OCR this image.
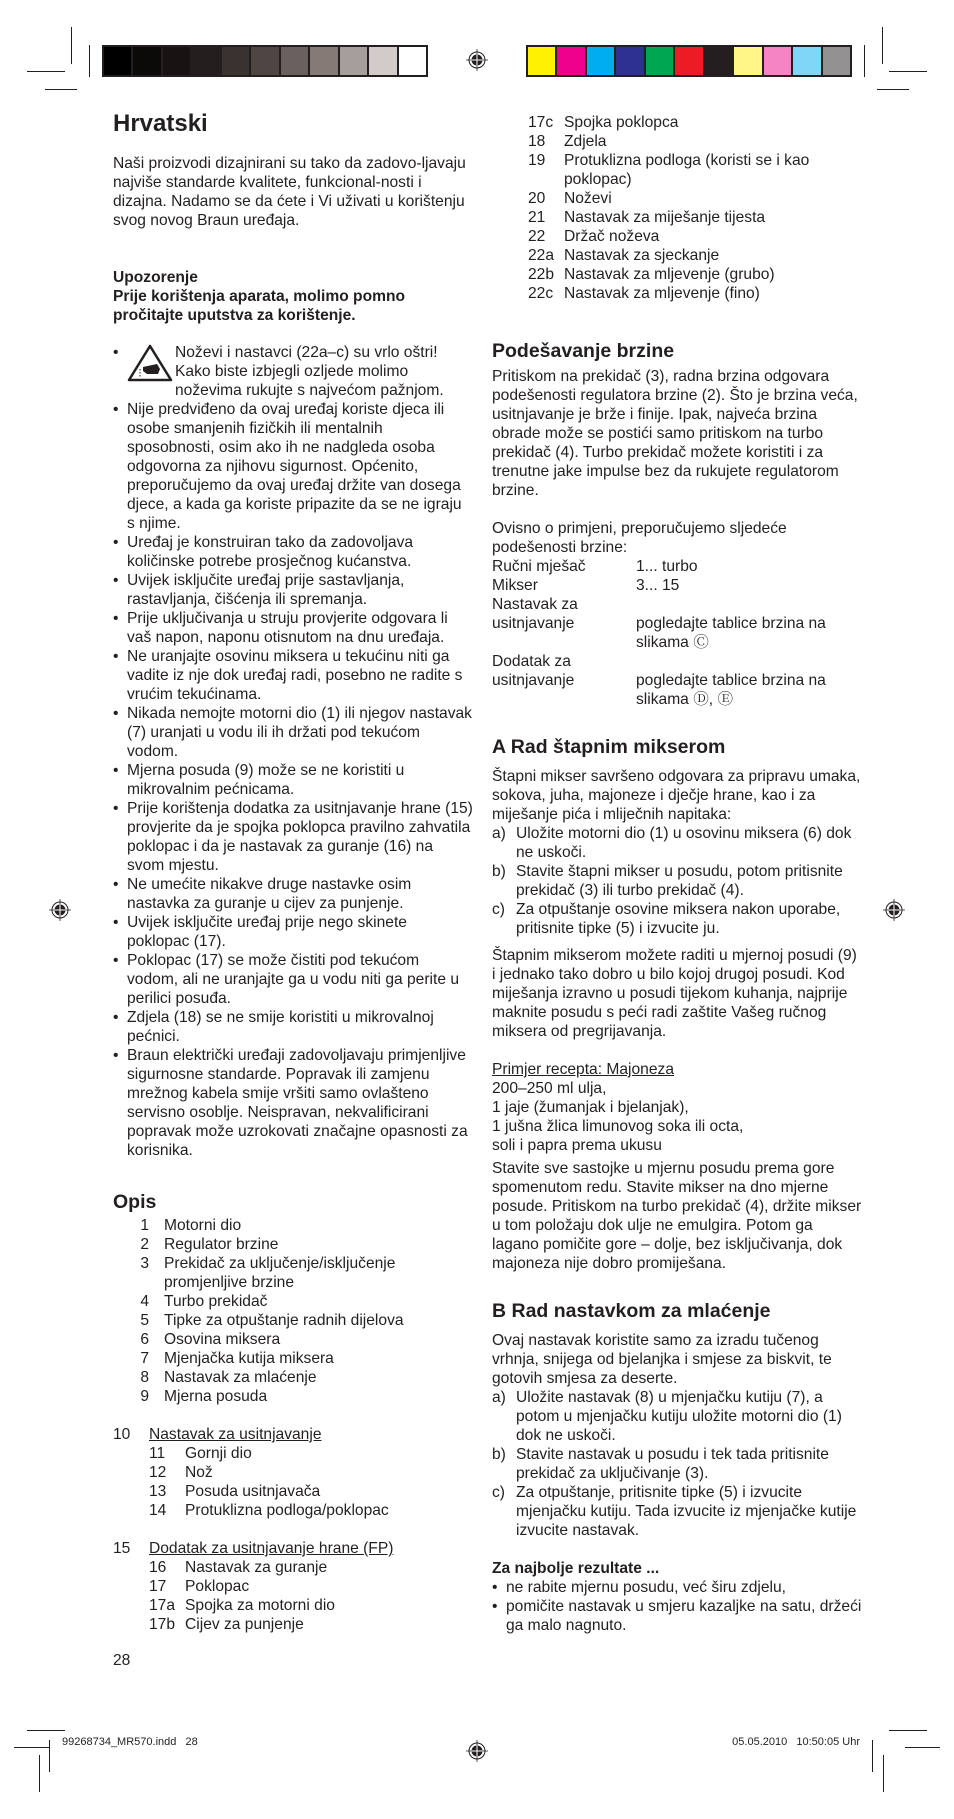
Hrvatski

Naši proizvodi dizajnirani su tako da zadovo-ljavaju najviše standarde kvalitete, funkcional-nosti i dizajna. Nadamo se da ćete i Vi uživati u korištenju svog novog Braun uređaja.

Upozorenje

Prije korištenja aparata, molimo pomno pročitajte uputstva za korištenje.

•	Noževi i nastavci (22a–c) su vrlo oštri! Kako biste izbjegli ozljede molimo noževima rukujte s najvećom pažnjom.
• Nije predviđeno da ovaj uređaj koriste djeca ili osobe smanjenih fizičkih ili mentalnih sposobnosti, osim ako ih ne nadgleda osoba odgovorna za njihovu sigurnost. Općenito, preporučujemo da ovaj uređaj držite van dosega djece, a kada ga koriste pripazite da se ne igraju s njime.
• Uređaj je konstruiran tako da zadovoljava količinske potrebe prosječnog kućanstva.
• Uvijek isključite uređaj prije sastavljanja, rastavljanja, čišćenja ili spremanja.
• Prije uključivanja u struju provjerite odgovara li vaš napon, naponu otisnutom na dnu uređaja.
• Ne uranjajte osovinu miksera u tekućinu niti ga vadite iz nje dok uređaj radi, posebno ne radite s vrućim tekućinama.
• Nikada nemojte motorni dio (1) ili njegov nastavak (7) uranjati u vodu ili ih držati pod tekućom vodom.
• Mjerna posuda (9) može se ne koristiti u mikrovalnim pećnicama.
• Prije korištenja dodatka za usitnjavanje hrane (15) provjerite da je spojka poklopca pravilno zahvatila poklopac i da je nastavak za guranje (16) na svom mjestu.
• Ne umećite nikakve druge nastavke osim nastavka za guranje u cijev za punjenje.
• Uvijek isključite uređaj prije nego skinete poklopac (17).
• Poklopac (17) se može čistiti pod tekućom vodom, ali ne uranjajte ga u vodu niti ga perite u perilici posuđa.
• Zdjela (18) se ne smije koristiti u mikrovalnoj pećnici.
• Braun električki uređaji zadovoljavaju primjenljive sigurnosne standarde. Popravak ili zamjenu mrežnog kabela smije vršiti samo ovlašteno servisno osoblje. Neispravan, nekvalificirani popravak može uzrokovati značajne opasnosti za korisnika.
Opis
1 Motorni dio
2 Regulator brzine
3 Prekidač za uključenje/isključenje promjenljive brzine
4 Turbo prekidač
5 Tipke za otpuštanje radnih dijelova
6 Osovina miksera
7 Mjenjačka kutija miksera
8 Nastavak za mlaćenje
9 Mjerna posuda
10	Nastavak za usitnjavanje
11	Gornji dio
12	Nož
13	Posuda usitnjavača
14	Protuklizna podloga/poklopac
15	Dodatak za usitnjavanje hrane (FP)
16	Nastavak za guranje
17	Poklopac
17a Spojka za motorni dio
17b Cijev za punjenje

28

17c Spojka poklopca
18	Zdjela
19	Protuklizna podloga (koristi se i kao poklopac)
20	Noževi
21	Nastavak za miješanje tijesta
22	Držač noževa
22a Nastavak za sjeckanje
22b Nastavak za mljevenje (grubo)
22c Nastavak za mljevenje (fino)
Podešavanje brzine

Pritiskom na prekidač (3), radna brzina odgovara podešenosti regulatora brzine (2). Što je brzina veća, usitnjavanje je brže i finije. Ipak, najveća brzina obrade može se postići samo pritiskom na turbo prekidač (4). Turbo prekidač možete koristiti i za trenutne jake impulse bez da rukujete regulatorom brzine.

Ovisno o primjeni, preporučujemo sljedeće podešenosti brzine:

Ručni mješač	1... turbo
Mikser	3... 15
Nastavak za usitnjavanje	pogledajte tablice brzina na slikama Ⓒ
Dodatak za usitnjavanje	pogledajte tablice brzina na slikama Ⓓ, Ⓔ
A Rad štapnim mikserom

Štapni mikser savršeno odgovara za pripravu umaka, sokova, juha, majoneze i dječje hrane, kao i za miješanje pića i mliječnih napitaka:

a) Uložite motorni dio (1) u osovinu miksera (6) dok ne uskoči.
b) Stavite štapni mikser u posudu, potom pritisnite prekidač (3) ili turbo prekidač (4).
c) Za otpuštanje osovine miksera nakon uporabe, pritisnite tipke (5) i izvucite ju.

Štapnim mikserom možete raditi u mjernoj posudi (9) i jednako tako dobro u bilo kojoj drugoj posudi. Kod miješanja izravno u posudi tijekom kuhanja, najprije maknite posudu s peći radi zaštite Vašeg ručnog miksera od pregrijavanja.

Primjer recepta: Majoneza

200–250 ml ulja,
1 jaje (žumanjak i bjelanjak),
1 jušna žlica limunovog soka ili octa,
soli i papra prema ukusu

Stavite sve sastojke u mjernu posudu prema gore spomenutom redu. Stavite mikser na dno mjerne posude. Pritiskom na turbo prekidač (4), držite mikser u tom položaju dok ulje ne emulgira. Potom ga lagano pomičite gore – dolje, bez isključivanja, dok majoneza nije dobro promiješana.

B Rad nastavkom za mlaćenje

Ovaj nastavak koristite samo za izradu tučenog vrhnja, snijega od bjelanjka i smjese za biskvit, te gotovih smjesa za deserte.

a) Uložite nastavak (8) u mjenjačku kutiju (7), a potom u mjenjačku kutiju uložite motorni dio (1) dok ne uskoči.
b) Stavite nastavak u posudu i tek tada pritisnite prekidač za uključivanje (3).
c) Za otpuštanje, pritisnite tipke (5) i izvucite mjenjačku kutiju. Tada izvucite iz mjenjačke kutije izvucite nastavak.

Za najbolje rezultate ...

• ne rabite mjernu posudu, već širu zdjelu,
• pomičite nastavak u smjeru kazaljke na satu, držeći ga malo nagnuto.
99268734_MR570.indd   28	05.05.2010   10:50:05 Uhr
